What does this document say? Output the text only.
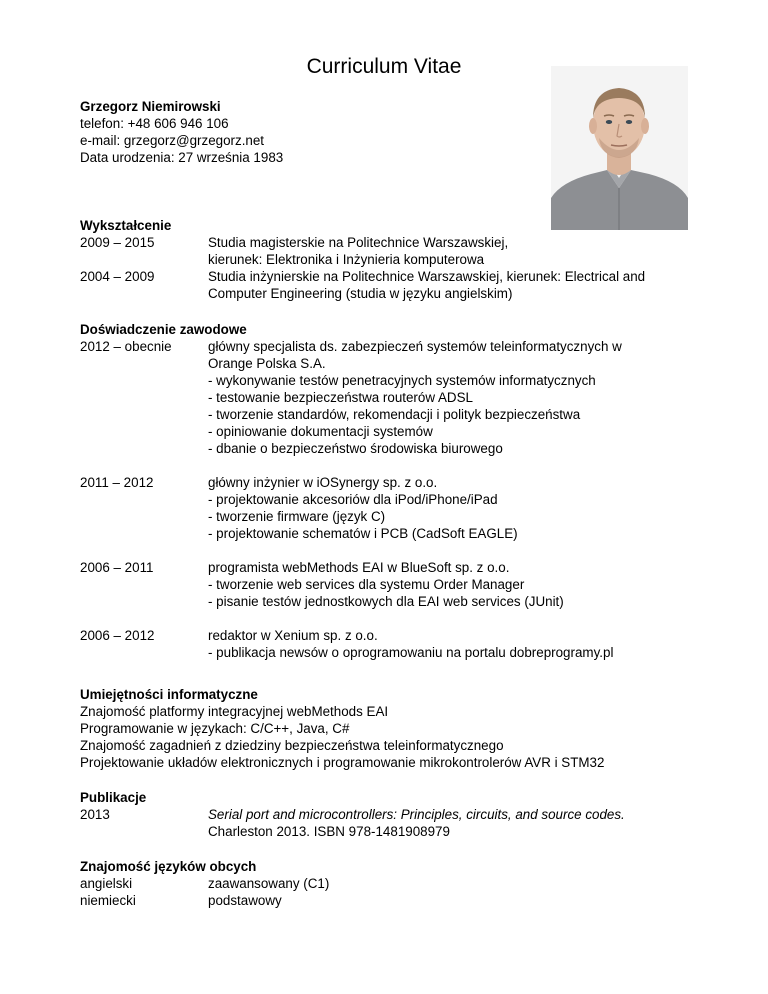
Curriculum Vitae
Grzegorz Niemirowski
telefon: +48 606 946 106
e-mail: grzegorz@grzegorz.net
Data urodzenia: 27 września 1983
Wykształcenie
2009 – 2015	Studia magisterskie na Politechnice Warszawskiej,
kierunek: Elektronika i Inżynieria komputerowa
2004 – 2009	Studia inżynierskie na Politechnice Warszawskiej, kierunek: Electrical and
Computer Engineering (studia w języku angielskim)
Doświadczenie zawodowe
2012 – obecnie	główny specjalista ds. zabezpieczeń systemów teleinformatycznych w
Orange Polska S.A.
- wykonywanie testów penetracyjnych systemów informatycznych
- testowanie bezpieczeństwa routerów ADSL
- tworzenie standardów, rekomendacji i polityk bezpieczeństwa
- opiniowanie dokumentacji systemów
- dbanie o bezpieczeństwo środowiska biurowego
2011 – 2012	główny inżynier w iOSynergy sp. z o.o.
- projektowanie akcesoriów dla iPod/iPhone/iPad
- tworzenie firmware (język C)
- projektowanie schematów i PCB (CadSoft EAGLE)
2006 – 2011	programista webMethods EAI w BlueSoft sp. z o.o.
- tworzenie web services dla systemu Order Manager
- pisanie testów jednostkowych dla EAI web services (JUnit)
2006 – 2012	redaktor w Xenium sp. z o.o.
- publikacja newsów o oprogramowaniu na portalu dobreprogramy.pl
Umiejętności informatyczne
Znajomość platformy integracyjnej webMethods EAI
Programowanie w językach: C/C++, Java, C#
Znajomość zagadnień z dziedziny bezpieczeństwa teleinformatycznego
Projektowanie układów elektronicznych i programowanie mikrokontrolerów AVR i STM32
Publikacje
2013	Serial port and microcontrollers: Principles, circuits, and source codes.
Charleston 2013. ISBN 978-1481908979
Znajomość języków obcych
angielski	zaawansowany (C1)
niemiecki	podstawowy
